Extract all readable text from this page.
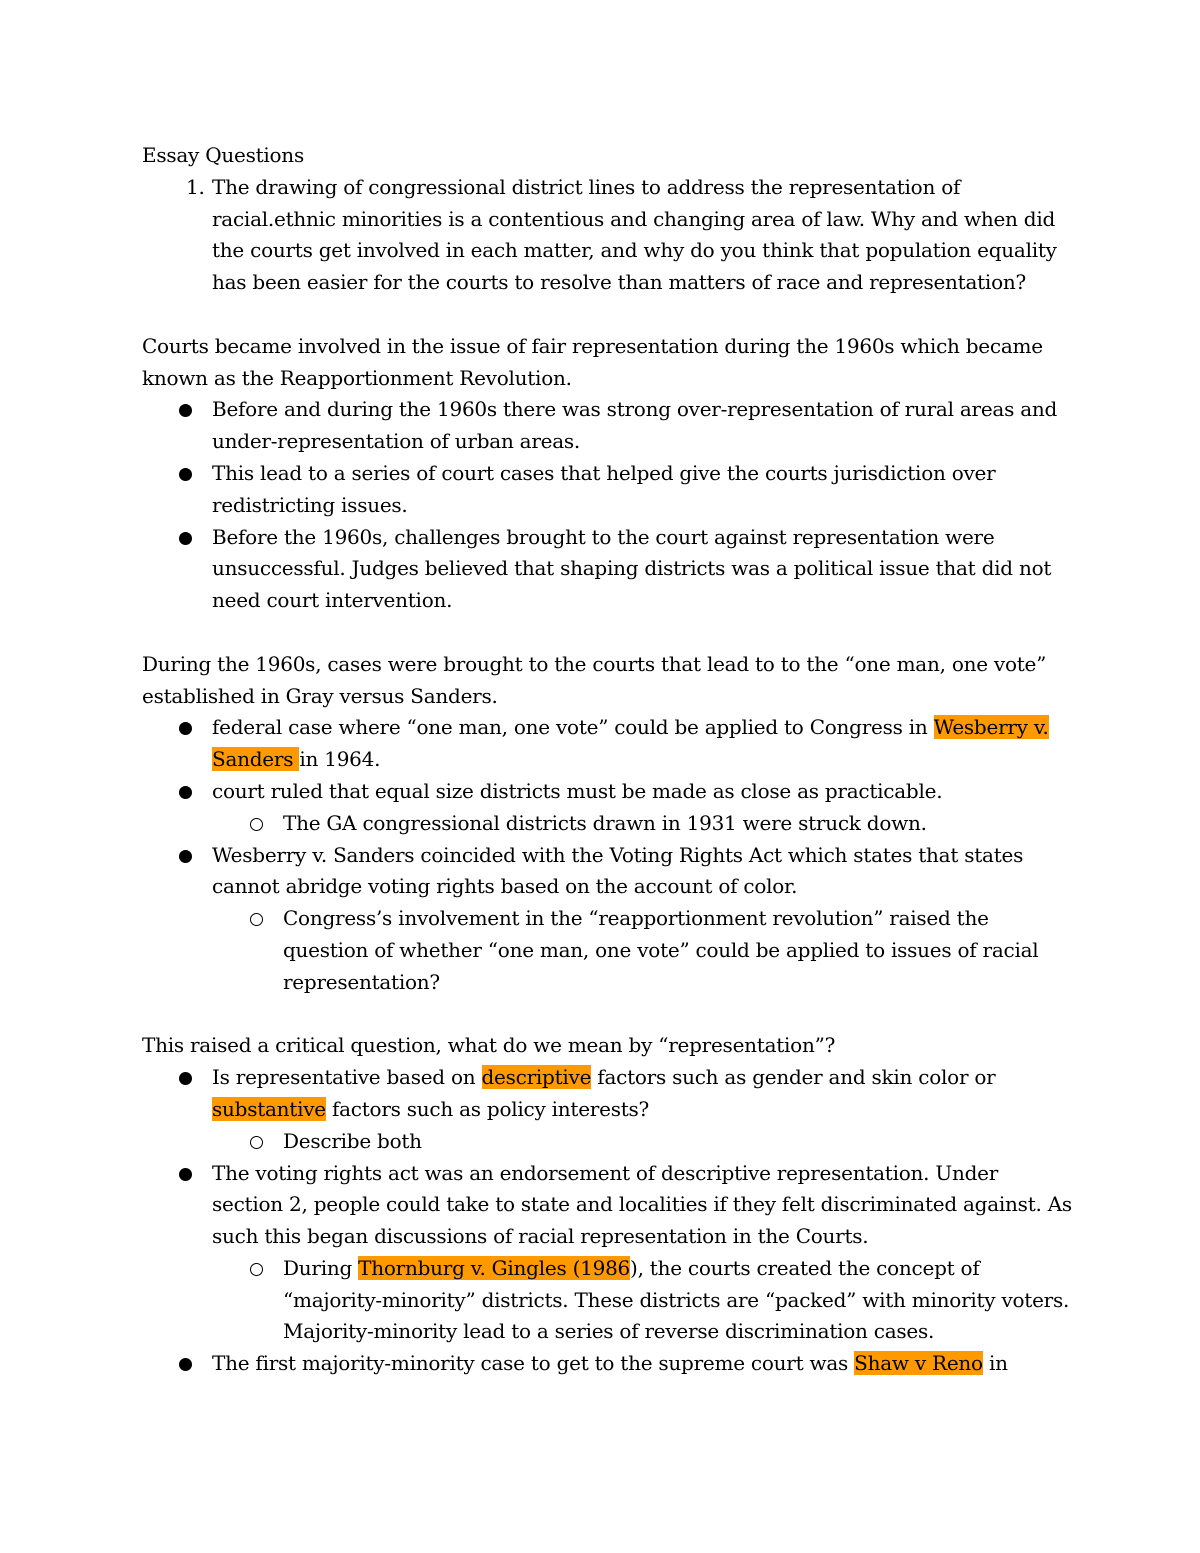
Essay Questions

1. The drawing of congressional district lines to address the representation of racial.ethnic minorities is a contentious and changing area of law. Why and when did the courts get involved in each matter, and why do you think that population equality has been easier for the courts to resolve than matters of race and representation?

Courts became involved in the issue of fair representation during the 1960s which became known as the Reapportionment Revolution.

Before and during the 1960s there was strong over-representation of rural areas and under-representation of urban areas.
This lead to a series of court cases that helped give the courts jurisdiction over redistricting issues.
Before the 1960s, challenges brought to the court against representation were unsuccessful. Judges believed that shaping districts was a political issue that did not need court intervention.

During the 1960s, cases were brought to the courts that lead to to the “one man, one vote” established in Gray versus Sanders.

federal case where “one man, one vote” could be applied to Congress in Wesberry v. Sanders in 1964.
court ruled that equal size districts must be made as close as practicable.
The GA congressional districts drawn in 1931 were struck down.
Wesberry v. Sanders coincided with the Voting Rights Act which states that states cannot abridge voting rights based on the account of color.
Congress’s involvement in the “reapportionment revolution” raised the question of whether “one man, one vote” could be applied to issues of racial representation?

This raised a critical question, what do we mean by “representation”?

Is representative based on descriptive factors such as gender and skin color or substantive factors such as policy interests?
Describe both
The voting rights act was an endorsement of descriptive representation. Under section 2, people could take to state and localities if they felt discriminated against. As such this began discussions of racial representation in the Courts.
During Thornburg v. Gingles (1986), the courts created the concept of “majority-minority” districts. These districts are “packed” with minority voters. Majority-minority lead to a series of reverse discrimination cases.
The first majority-minority case to get to the supreme court was Shaw v Reno in
